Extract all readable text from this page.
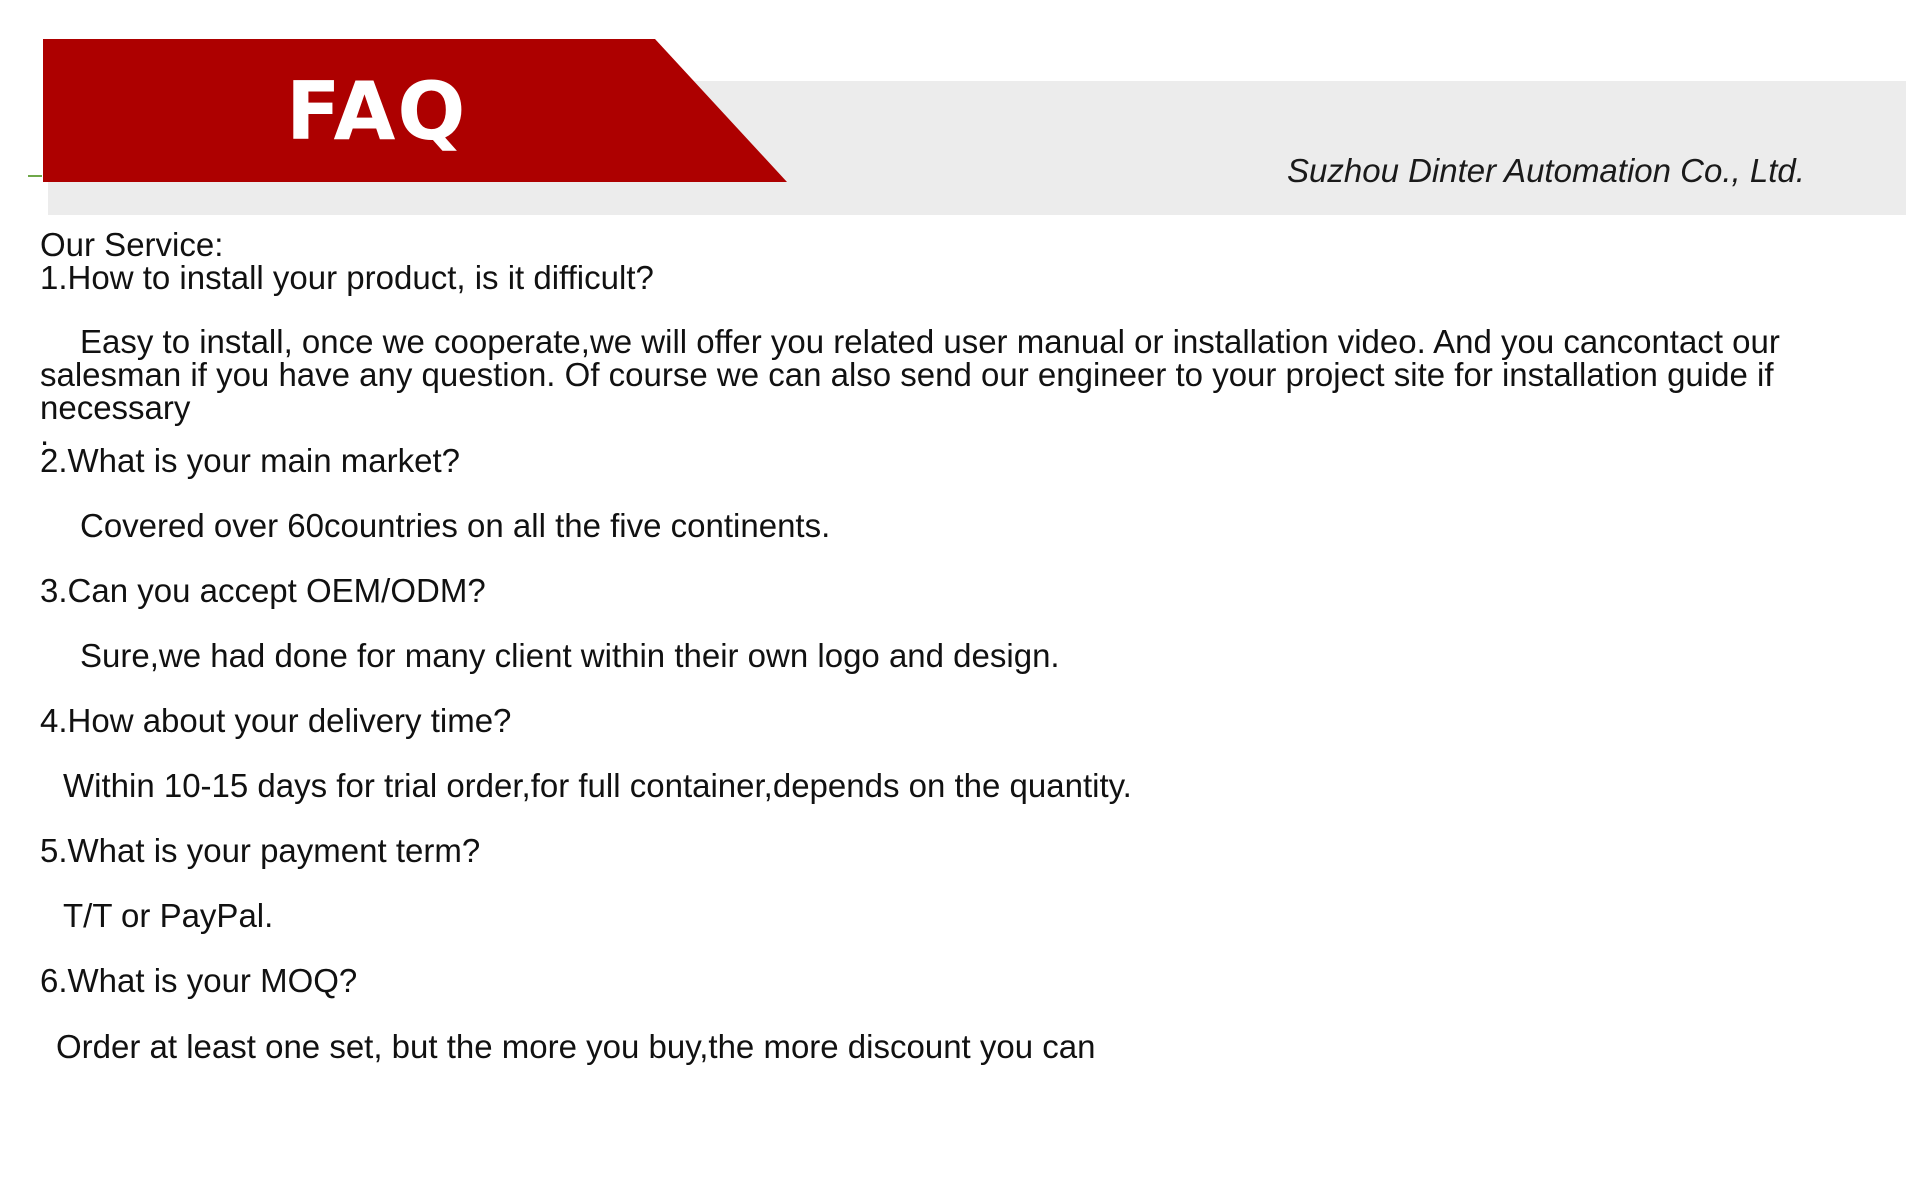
FAQ
Suzhou Dinter Automation Co., Ltd.

Our Service:

1.How to install your product, is it difficult?

Easy to install, once we cooperate,we will offer you related user manual or installation video. And you cancontact our salesman if you have any question. Of course we can also send our engineer to your project site for installation guide if necessary

.

2.What is your main market?

Covered over 60countries on all the five continents.

3.Can you accept OEM/ODM?

Sure,we had done for many client within their own logo and design.

4.How about your delivery time?

Within 10-15 days for trial order,for full container,depends on the quantity.

5.What is your payment term?

T/T or PayPal.

6.What is your MOQ?

Order at least one set, but the more you buy,the more discount you can
